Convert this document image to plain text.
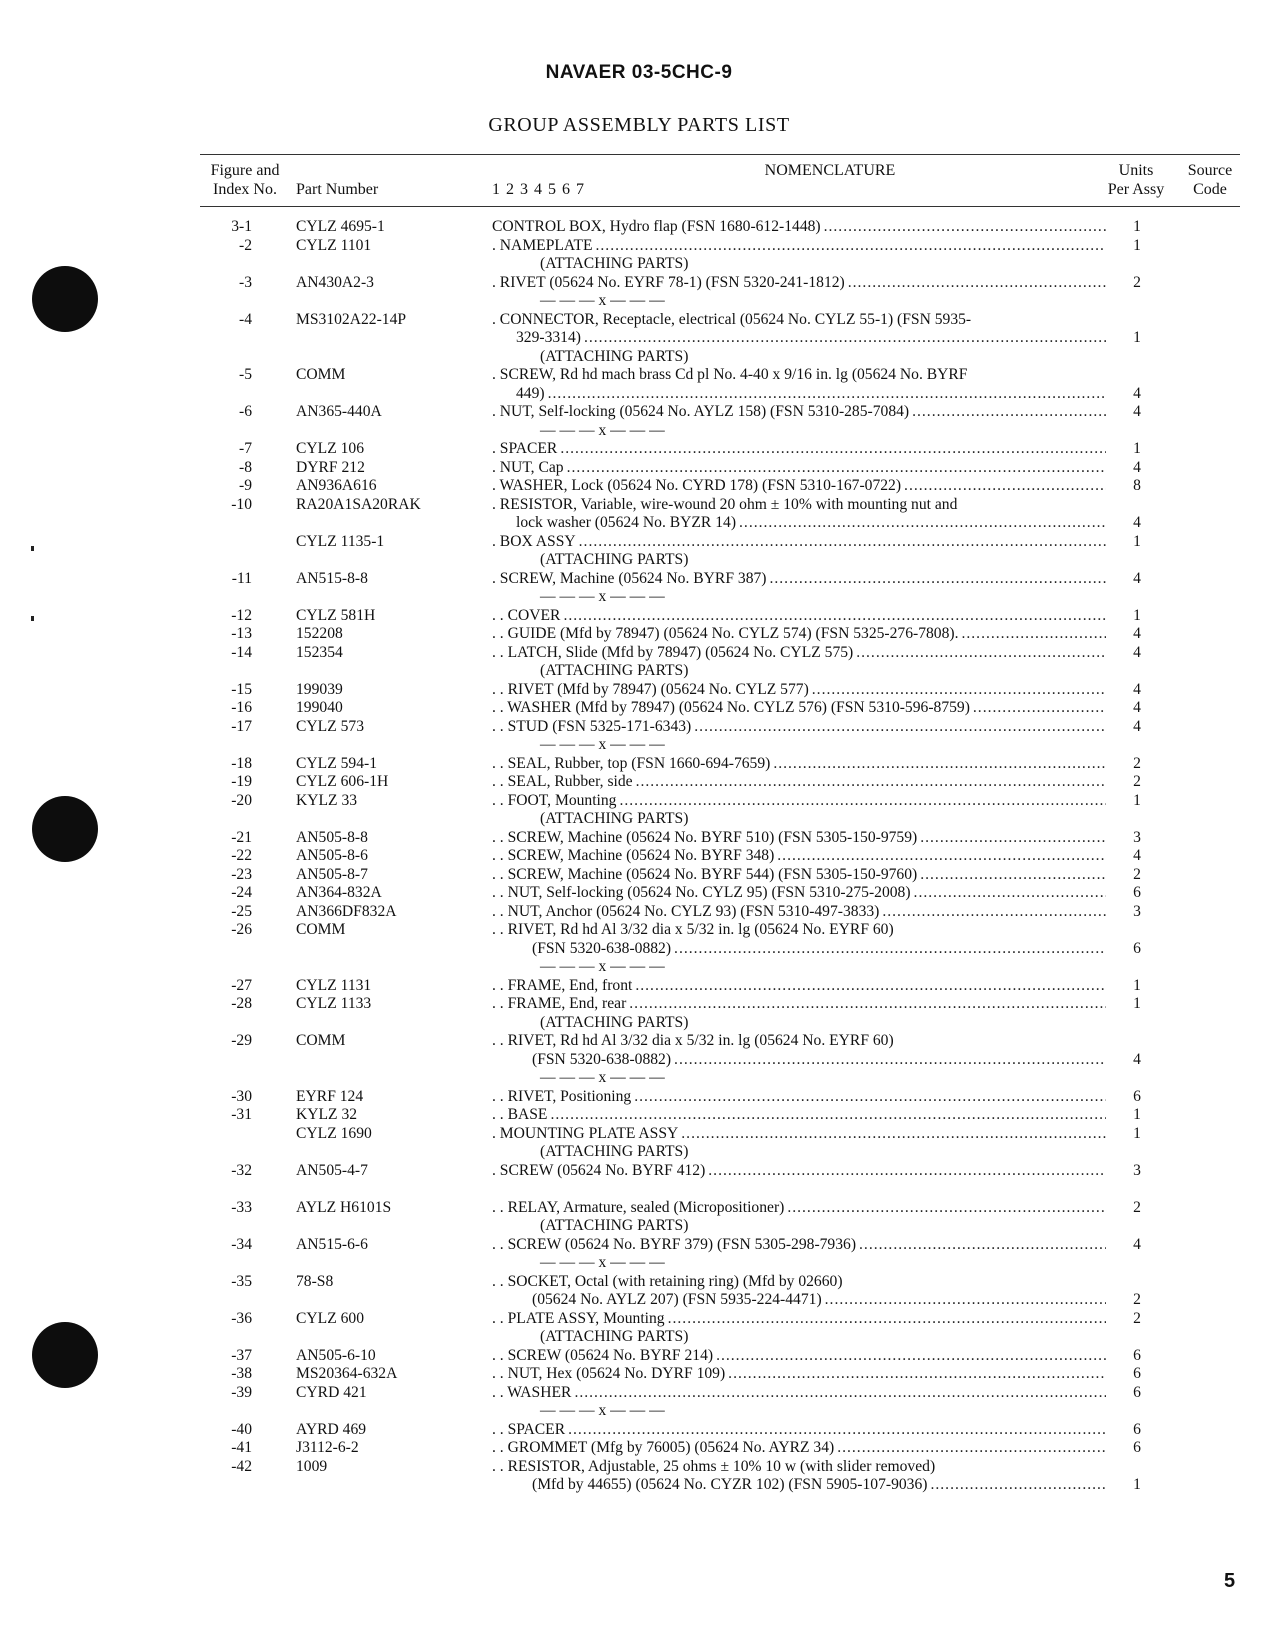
NAVAER 03-5CHC-9
GROUP ASSEMBLY PARTS LIST
Figure and
Index No.	Part Number
NOMENCLATURE
1 2 3 4 5 6 7
Units
Per Assy
Source
Code
3-1	CYLZ 4695-1	CONTROL BOX, Hydro flap (FSN 1680-612-1448) .....	1
-2	CYLZ 1101	. NAMEPLATE .....	1
(ATTACHING PARTS)
-3	AN430A2-3	. RIVET (05624 No. EYRF 78-1) (FSN 5320-241-1812) .....	2
— — — x — — —
-4	MS3102A22-14P	. CONNECTOR, Receptacle, electrical (05624 No. CYLZ 55-1) (FSN 5935-
329-3314) .....	1
(ATTACHING PARTS)
-5	COMM	. SCREW, Rd hd mach brass Cd pl No. 4-40 x 9/16 in. lg (05624 No. BYRF
449) .....	4
-6	AN365-440A	. NUT, Self-locking (05624 No. AYLZ 158) (FSN 5310-285-7084) .....	4
— — — x — — —
-7	CYLZ 106	. SPACER .....	1
-8	DYRF 212	. NUT, Cap .....	4
-9	AN936A616	. WASHER, Lock (05624 No. CYRD 178) (FSN 5310-167-0722) .....	8
-10	RA20A1SA20RAK	. RESISTOR, Variable, wire-wound 20 ohm ± 10% with mounting nut and
lock washer (05624 No. BYZR 14) .....	4
CYLZ 1135-1	. BOX ASSY .....	1
(ATTACHING PARTS)
-11	AN515-8-8	. SCREW, Machine (05624 No. BYRF 387) .....	4
— — — x — — —
-12	CYLZ 581H	. . COVER .....	1
-13	152208	. . GUIDE (Mfd by 78947) (05624 No. CYLZ 574) (FSN 5325-276-7808). .....	4
-14	152354	. . LATCH, Slide (Mfd by 78947) (05624 No. CYLZ 575) .....	4
(ATTACHING PARTS)
-15	199039	. . RIVET (Mfd by 78947) (05624 No. CYLZ 577) .....	4
-16	199040	. . WASHER (Mfd by 78947) (05624 No. CYLZ 576) (FSN 5310-596-8759) .....	4
-17	CYLZ 573	. . STUD (FSN 5325-171-6343) .....	4
— — — x — — —
-18	CYLZ 594-1	. . SEAL, Rubber, top (FSN 1660-694-7659) .....	2
-19	CYLZ 606-1H	. . SEAL, Rubber, side .....	2
-20	KYLZ 33	. . FOOT, Mounting .....	1
(ATTACHING PARTS)
-21	AN505-8-8	. . SCREW, Machine (05624 No. BYRF 510) (FSN 5305-150-9759) .....	3
-22	AN505-8-6	. . SCREW, Machine (05624 No. BYRF 348) .....	4
-23	AN505-8-7	. . SCREW, Machine (05624 No. BYRF 544) (FSN 5305-150-9760) .....	2
-24	AN364-832A	. . NUT, Self-locking (05624 No. CYLZ 95) (FSN 5310-275-2008) .....	6
-25	AN366DF832A	. . NUT, Anchor (05624 No. CYLZ 93) (FSN 5310-497-3833) .....	3
-26	COMM	. . RIVET, Rd hd Al 3/32 dia x 5/32 in. lg (05624 No. EYRF 60)
(FSN 5320-638-0882) .....	6
— — — x — — —
-27	CYLZ 1131	. . FRAME, End, front .....	1
-28	CYLZ 1133	. . FRAME, End, rear .....	1
(ATTACHING PARTS)
-29	COMM	. . RIVET, Rd hd Al 3/32 dia x 5/32 in. lg (05624 No. EYRF 60)
(FSN 5320-638-0882) .....	4
— — — x — — —
-30	EYRF 124	. . RIVET, Positioning .....	6
-31	KYLZ 32	. . BASE .....	1
CYLZ 1690	. MOUNTING PLATE ASSY .....	1
(ATTACHING PARTS)
-32	AN505-4-7	. SCREW (05624 No. BYRF 412) .....	3
-33	AYLZ H6101S	. . RELAY, Armature, sealed (Micropositioner) .....	2
(ATTACHING PARTS)
-34	AN515-6-6	. . SCREW (05624 No. BYRF 379) (FSN 5305-298-7936) .....	4
— — — x — — —
-35	78-S8	. . SOCKET, Octal (with retaining ring) (Mfd by 02660)
(05624 No. AYLZ 207) (FSN 5935-224-4471) .....	2
-36	CYLZ 600	. . PLATE ASSY, Mounting .....	2
(ATTACHING PARTS)
-37	AN505-6-10	. . SCREW (05624 No. BYRF 214) .....	6
-38	MS20364-632A	. . NUT, Hex (05624 No. DYRF 109) .....	6
-39	CYRD 421	. . WASHER .....	6
— — — x — — —
-40	AYRD 469	. . SPACER .....	6
-41	J3112-6-2	. . GROMMET (Mfg by 76005) (05624 No. AYRZ 34) .....	6
-42	1009	. . RESISTOR, Adjustable, 25 ohms ± 10% 10 w (with slider removed)
(Mfd by 44655) (05624 No. CYZR 102) (FSN 5905-107-9036) .....	1
5
